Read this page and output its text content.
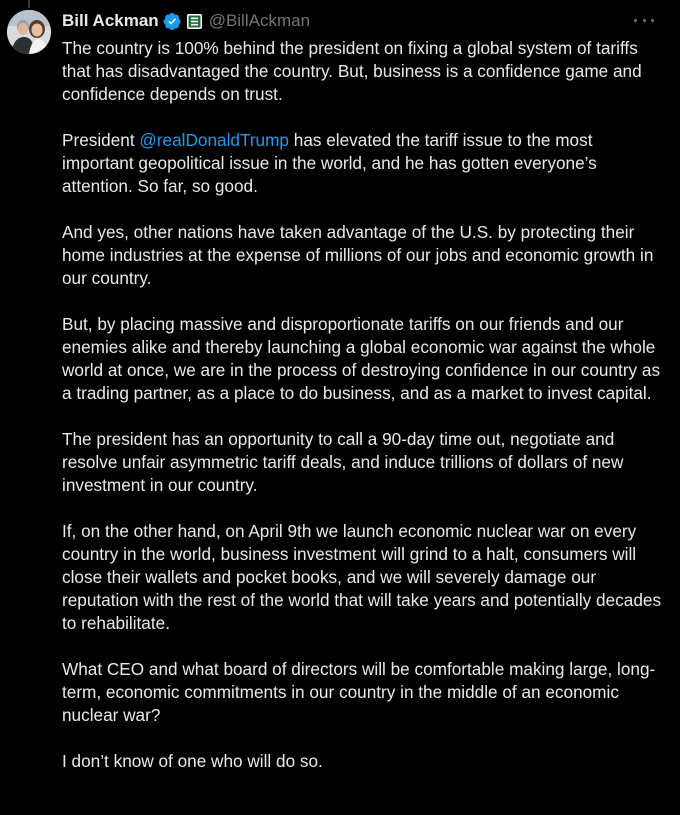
Bill Ackman	@BillAckman

The country is 100% behind the president on fixing a global system of tariffs that has disadvantaged the country. But, business is a confidence game and confidence depends on trust.

President @realDonaldTrump has elevated the tariff issue to the most important geopolitical issue in the world, and he has gotten everyone’s attention. So far, so good.

And yes, other nations have taken advantage of the U.S. by protecting their home industries at the expense of millions of our jobs and economic growth in our country.

But, by placing massive and disproportionate tariffs on our friends and our enemies alike and thereby launching a global economic war against the whole world at once, we are in the process of destroying confidence in our country as a trading partner, as a place to do business, and as a market to invest capital.

The president has an opportunity to call a 90-day time out, negotiate and resolve unfair asymmetric tariff deals, and induce trillions of dollars of new investment in our country.

If, on the other hand, on April 9th we launch economic nuclear war on every country in the world, business investment will grind to a halt, consumers will close their wallets and pocket books, and we will severely damage our reputation with the rest of the world that will take years and potentially decades to rehabilitate.

What CEO and what board of directors will be comfortable making large, long-term, economic commitments in our country in the middle of an economic nuclear war?

I don’t know of one who will do so.
